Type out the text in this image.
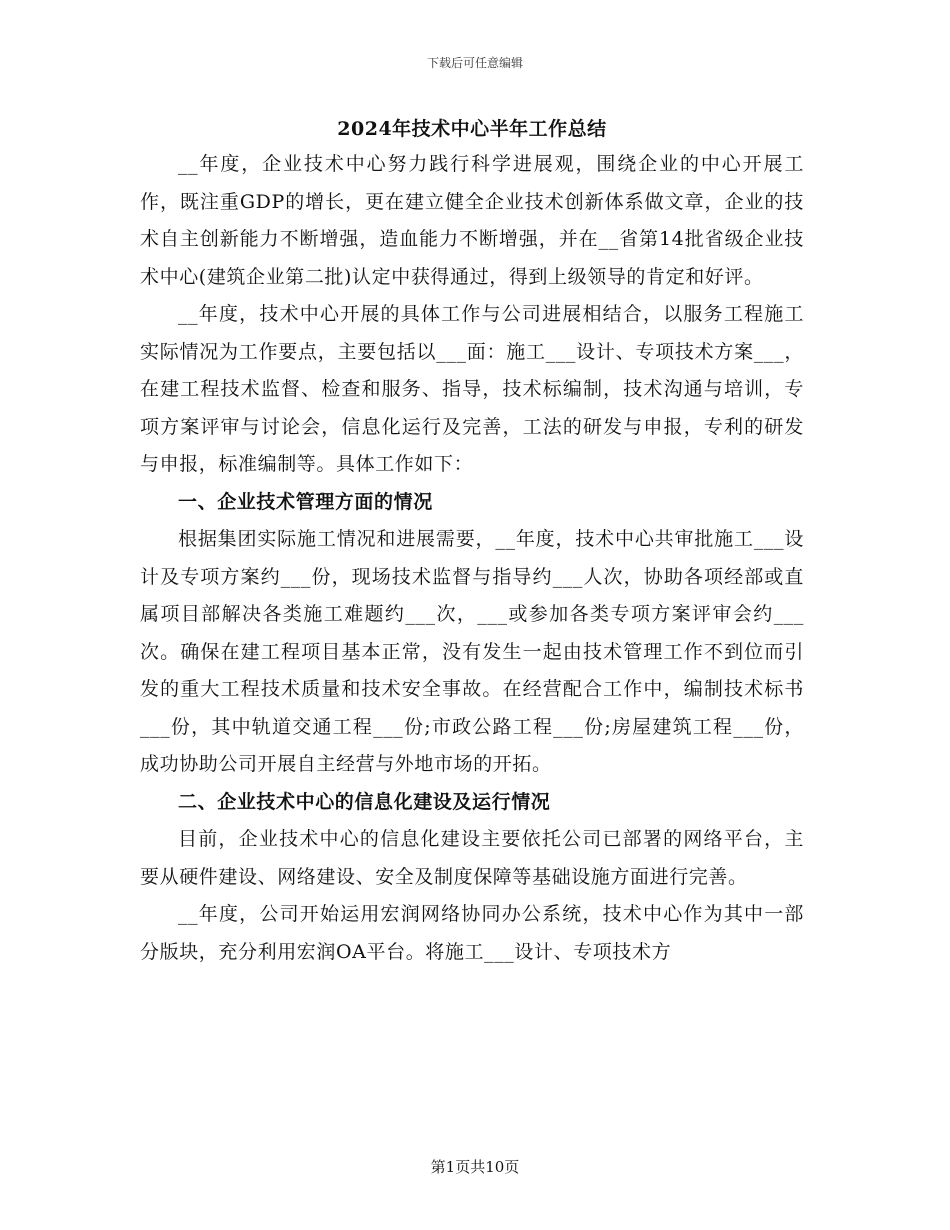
下载后可任意编辑
2024年技术中心半年工作总结

__年度，企业技术中心努力践行科学进展观，围绕企业的中心开展工作，既注重GDP的增长，更在建立健全企业技术创新体系做文章，企业的技术自主创新能力不断增强，造血能力不断增强，并在__省第14批省级企业技术中心(建筑企业第二批)认定中获得通过，得到上级领导的肯定和好评。

__年度，技术中心开展的具体工作与公司进展相结合，以服务工程施工实际情况为工作要点，主要包括以___面：施工___设计、专项技术方案___，在建工程技术监督、检查和服务、指导，技术标编制，技术沟通与培训，专项方案评审与讨论会，信息化运行及完善，工法的研发与申报，专利的研发与申报，标准编制等。具体工作如下：

一、企业技术管理方面的情况

根据集团实际施工情况和进展需要，__年度，技术中心共审批施工___设计及专项方案约___份，现场技术监督与指导约___人次，协助各项经部或直属项目部解决各类施工难题约___次，___或参加各类专项方案评审会约___次。确保在建工程项目基本正常，没有发生一起由技术管理工作不到位而引发的重大工程技术质量和技术安全事故。在经营配合工作中，编制技术标书___份，其中轨道交通工程___份;市政公路工程___份;房屋建筑工程___份，成功协助公司开展自主经营与外地市场的开拓。

二、企业技术中心的信息化建设及运行情况

目前，企业技术中心的信息化建设主要依托公司已部署的网络平台，主要从硬件建设、网络建设、安全及制度保障等基础设施方面进行完善。

__年度，公司开始运用宏润网络协同办公系统，技术中心作为其中一部分版块，充分利用宏润OA平台。将施工___设计、专项技术方

第1页共10页
